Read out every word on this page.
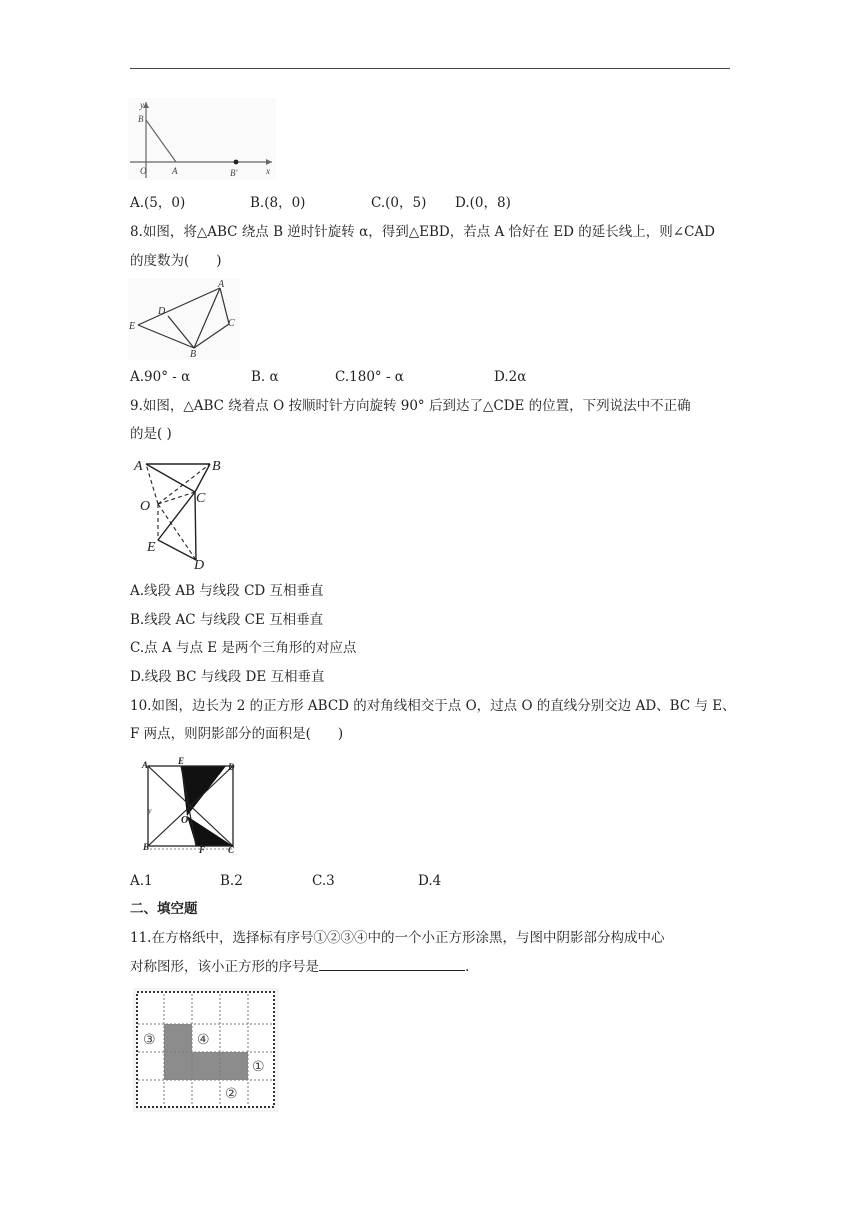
y
B
O	A	B'	x
A.(5，0)	B.(8，0)	C.(0，5) D.(0，8)
8.如图，将△ABC 绕点 B 逆时针旋转 α，得到△EBD，若点 A 恰好在 ED 的延长线上，则∠CAD
的度数为(　　)
A
D
E	C
B
A.90° - α	B. α	C.180° - α	D.2α
9.如图，△ABC 绕着点 O 按顺时针方向旋转 90° 后到达了△CDE 的位置，下列说法中不正确
的是( )
A	B
O
C
E
D
A.线段 AB 与线段 CD 互相垂直
B.线段 AC 与线段 CE 互相垂直
C.点 A 与点 E 是两个三角形的对应点
D.线段 BC 与线段 DE 互相垂直
10.如图，边长为 2 的正方形 ABCD 的对角线相交于点 O，过点 O 的直线分别交边 AD、BC 与 E、
F 两点，则阴影部分的面积是(　　)
A	E
D
y
O
B	F	C
A.1	B.2	C.3	D.4
二、填空题
11.在方格纸中，选择标有序号①②③④中的一个小正方形涂黑，与图中阴影部分构成中心
对称图形，该小正方形的序号是	.
③	④
①
②
